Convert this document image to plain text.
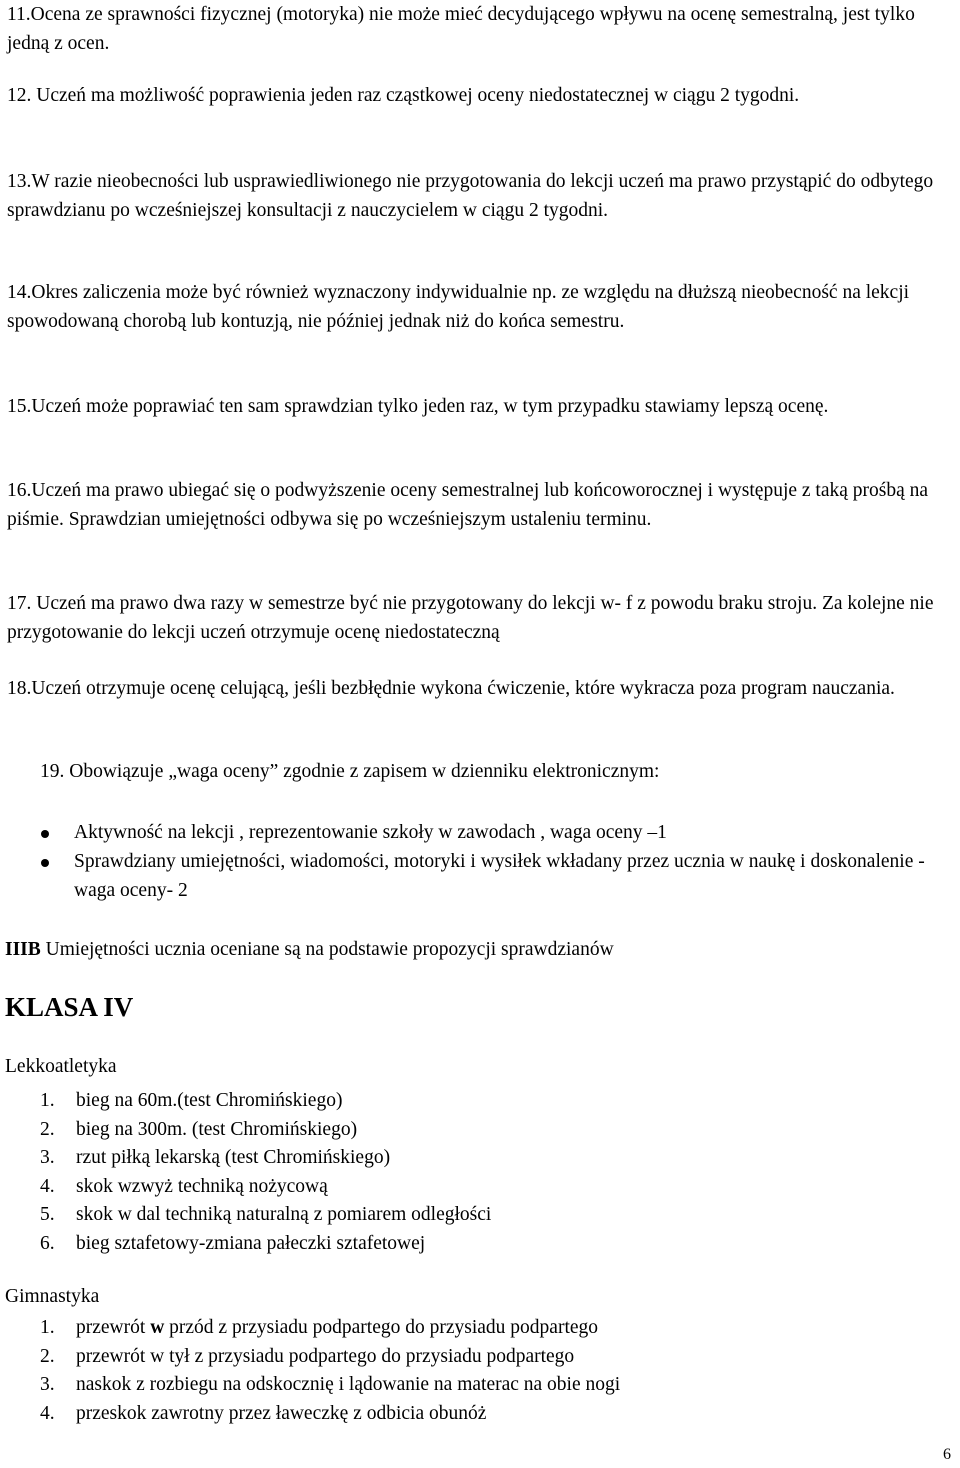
11.Ocena ze sprawności fizycznej (motoryka) nie może mieć decydującego wpływu na ocenę semestralną, jest tylko jedną z ocen.

12. Uczeń ma możliwość poprawienia jeden raz cząstkowej oceny niedostatecznej w ciągu 2 tygodni.

13.W razie nieobecności lub usprawiedliwionego nie przygotowania do lekcji uczeń ma prawo przystąpić do odbytego sprawdzianu po wcześniejszej konsultacji z nauczycielem w ciągu 2 tygodni.

14.Okres zaliczenia może być również wyznaczony indywidualnie np. ze względu na dłuższą nieobecność na lekcji spowodowaną chorobą lub kontuzją, nie później jednak niż do końca semestru.

15.Uczeń może poprawiać ten sam sprawdzian tylko jeden raz, w tym przypadku stawiamy lepszą ocenę.

16.Uczeń ma prawo ubiegać się o podwyższenie oceny semestralnej lub końcoworocznej i występuje z taką prośbą na piśmie. Sprawdzian umiejętności odbywa się po wcześniejszym ustaleniu terminu.

17. Uczeń ma prawo dwa razy w semestrze być nie przygotowany do lekcji w- f z powodu braku stroju. Za kolejne nie przygotowanie do lekcji uczeń otrzymuje ocenę niedostateczną

18.Uczeń otrzymuje ocenę celującą, jeśli bezbłędnie wykona ćwiczenie, które wykracza poza program nauczania.

19. Obowiązuje „waga oceny” zgodnie z zapisem w dzienniku elektronicznym:

Aktywność na lekcji , reprezentowanie szkoły w zawodach , waga oceny –1
Sprawdziany umiejętności, wiadomości, motoryki i wysiłek wkładany przez ucznia w naukę i doskonalenie -waga oceny- 2

IIIB Umiejętności ucznia oceniane są na podstawie propozycji sprawdzianów

KLASA IV

Lekkoatletyka

1. bieg na 60m.(test Chromińskiego)
2. bieg na 300m. (test Chromińskiego)
3. rzut piłką lekarską (test Chromińskiego)
4. skok wzwyż techniką nożycową
5. skok w dal techniką naturalną z pomiarem odległości
6. bieg sztafetowy-zmiana pałeczki sztafetowej

Gimnastyka

1. przewrót w przód z przysiadu podpartego do przysiadu podpartego
2. przewrót w tył z przysiadu podpartego do przysiadu podpartego
3. naskok z rozbiegu na odskocznię i lądowanie na materac na obie nogi
4. przeskok zawrotny przez ławeczkę z odbicia obunóż
6
